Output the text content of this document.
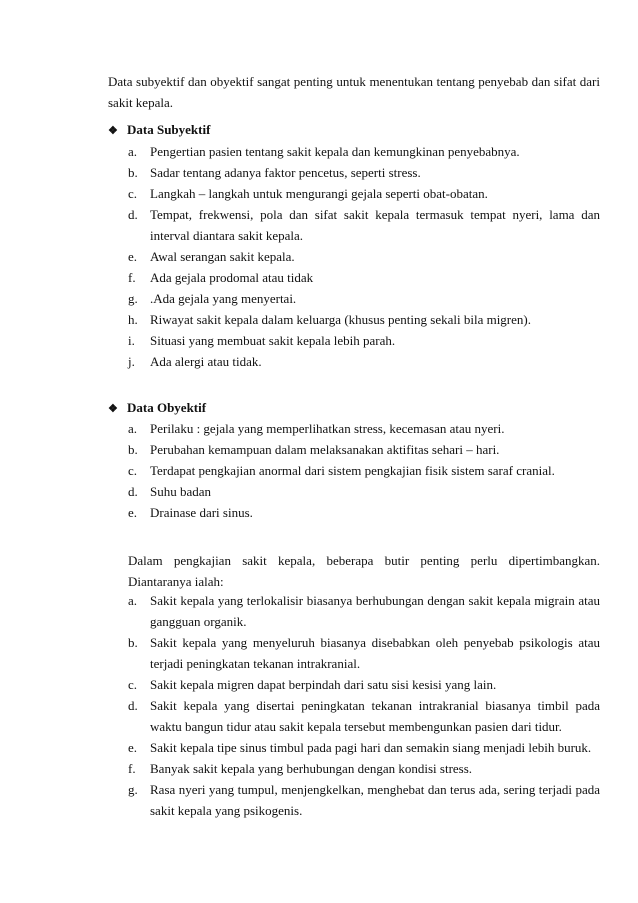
Data subyektif dan obyektif sangat penting untuk menentukan tentang penyebab dan sifat dari sakit kepala.

❖ Data Subyektif
a. Pengertian pasien tentang sakit kepala dan kemungkinan penyebabnya.
b. Sadar tentang adanya faktor pencetus, seperti stress.
c. Langkah – langkah untuk mengurangi gejala seperti obat-obatan.
d. Tempat, frekwensi, pola dan sifat sakit kepala termasuk tempat nyeri, lama dan interval diantara sakit kepala.
e. Awal serangan sakit kepala.
f.	Ada gejala prodomal atau tidak
g. .Ada gejala yang menyertai.
h. Riwayat sakit kepala dalam keluarga (khusus penting sekali bila migren).
i.	Situasi yang membuat sakit kepala lebih parah.
j.	Ada alergi atau tidak.
❖ Data Obyektif
a. Perilaku : gejala yang memperlihatkan stress, kecemasan atau nyeri.
b. Perubahan kemampuan dalam melaksanakan aktifitas sehari – hari.
c. Terdapat pengkajian anormal dari sistem pengkajian fisik sistem saraf cranial.
d. Suhu badan
e. Drainase dari sinus.

Dalam pengkajian sakit kepala, beberapa butir penting perlu dipertimbangkan. Diantaranya ialah:

a. Sakit kepala yang terlokalisir biasanya berhubungan dengan sakit kepala migrain atau gangguan organik.
b. Sakit kepala yang menyeluruh biasanya disebabkan oleh penyebab psikologis atau terjadi peningkatan tekanan intrakranial.
c. Sakit kepala migren dapat berpindah dari satu sisi kesisi yang lain.
d. Sakit kepala yang disertai peningkatan tekanan intrakranial biasanya timbil pada waktu bangun tidur atau sakit kepala tersebut membengunkan pasien dari tidur.
e. Sakit kepala tipe sinus timbul pada pagi hari dan semakin siang menjadi lebih buruk.
f.	Banyak sakit kepala yang berhubungan dengan kondisi stress.
g. Rasa nyeri yang tumpul, menjengkelkan, menghebat dan terus ada, sering terjadi pada sakit kepala yang psikogenis.
